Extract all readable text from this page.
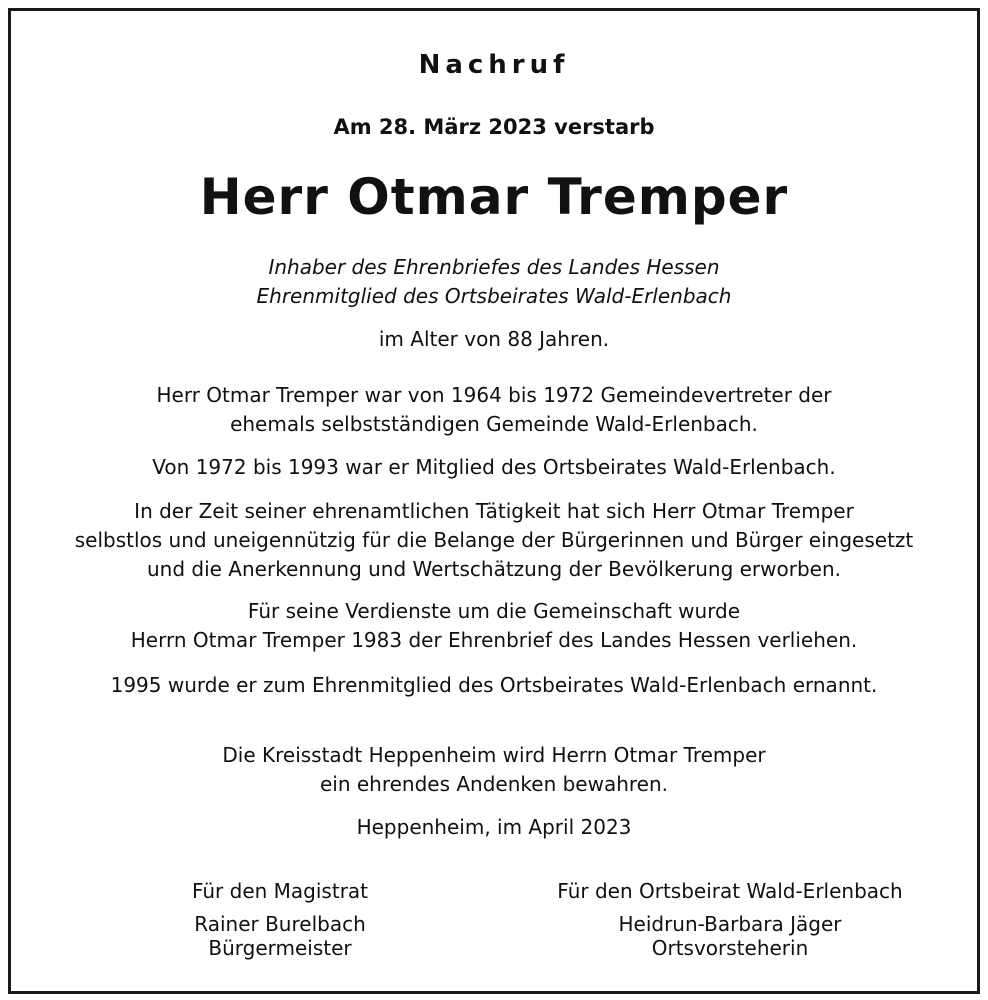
Nachruf
Am 28. März 2023 verstarb
Herr Otmar Tremper
Inhaber des Ehrenbriefes des Landes Hessen
Ehrenmitglied des Ortsbeirates Wald-Erlenbach
im Alter von 88 Jahren.
Herr Otmar Tremper war von 1964 bis 1972 Gemeindevertreter der
ehemals selbstständigen Gemeinde Wald-Erlenbach.
Von 1972 bis 1993 war er Mitglied des Ortsbeirates Wald-Erlenbach.
In der Zeit seiner ehrenamtlichen Tätigkeit hat sich Herr Otmar Tremper
selbstlos und uneigennützig für die Belange der Bürgerinnen und Bürger eingesetzt
und die Anerkennung und Wertschätzung der Bevölkerung erworben.
Für seine Verdienste um die Gemeinschaft wurde
Herrn Otmar Tremper 1983 der Ehrenbrief des Landes Hessen verliehen.
1995 wurde er zum Ehrenmitglied des Ortsbeirates Wald-Erlenbach ernannt.
Die Kreisstadt Heppenheim wird Herrn Otmar Tremper
ein ehrendes Andenken bewahren.
Heppenheim, im April 2023
Für den Magistrat
Rainer Burelbach
Bürgermeister
Für den Ortsbeirat Wald-Erlenbach
Heidrun-Barbara Jäger
Ortsvorsteherin
